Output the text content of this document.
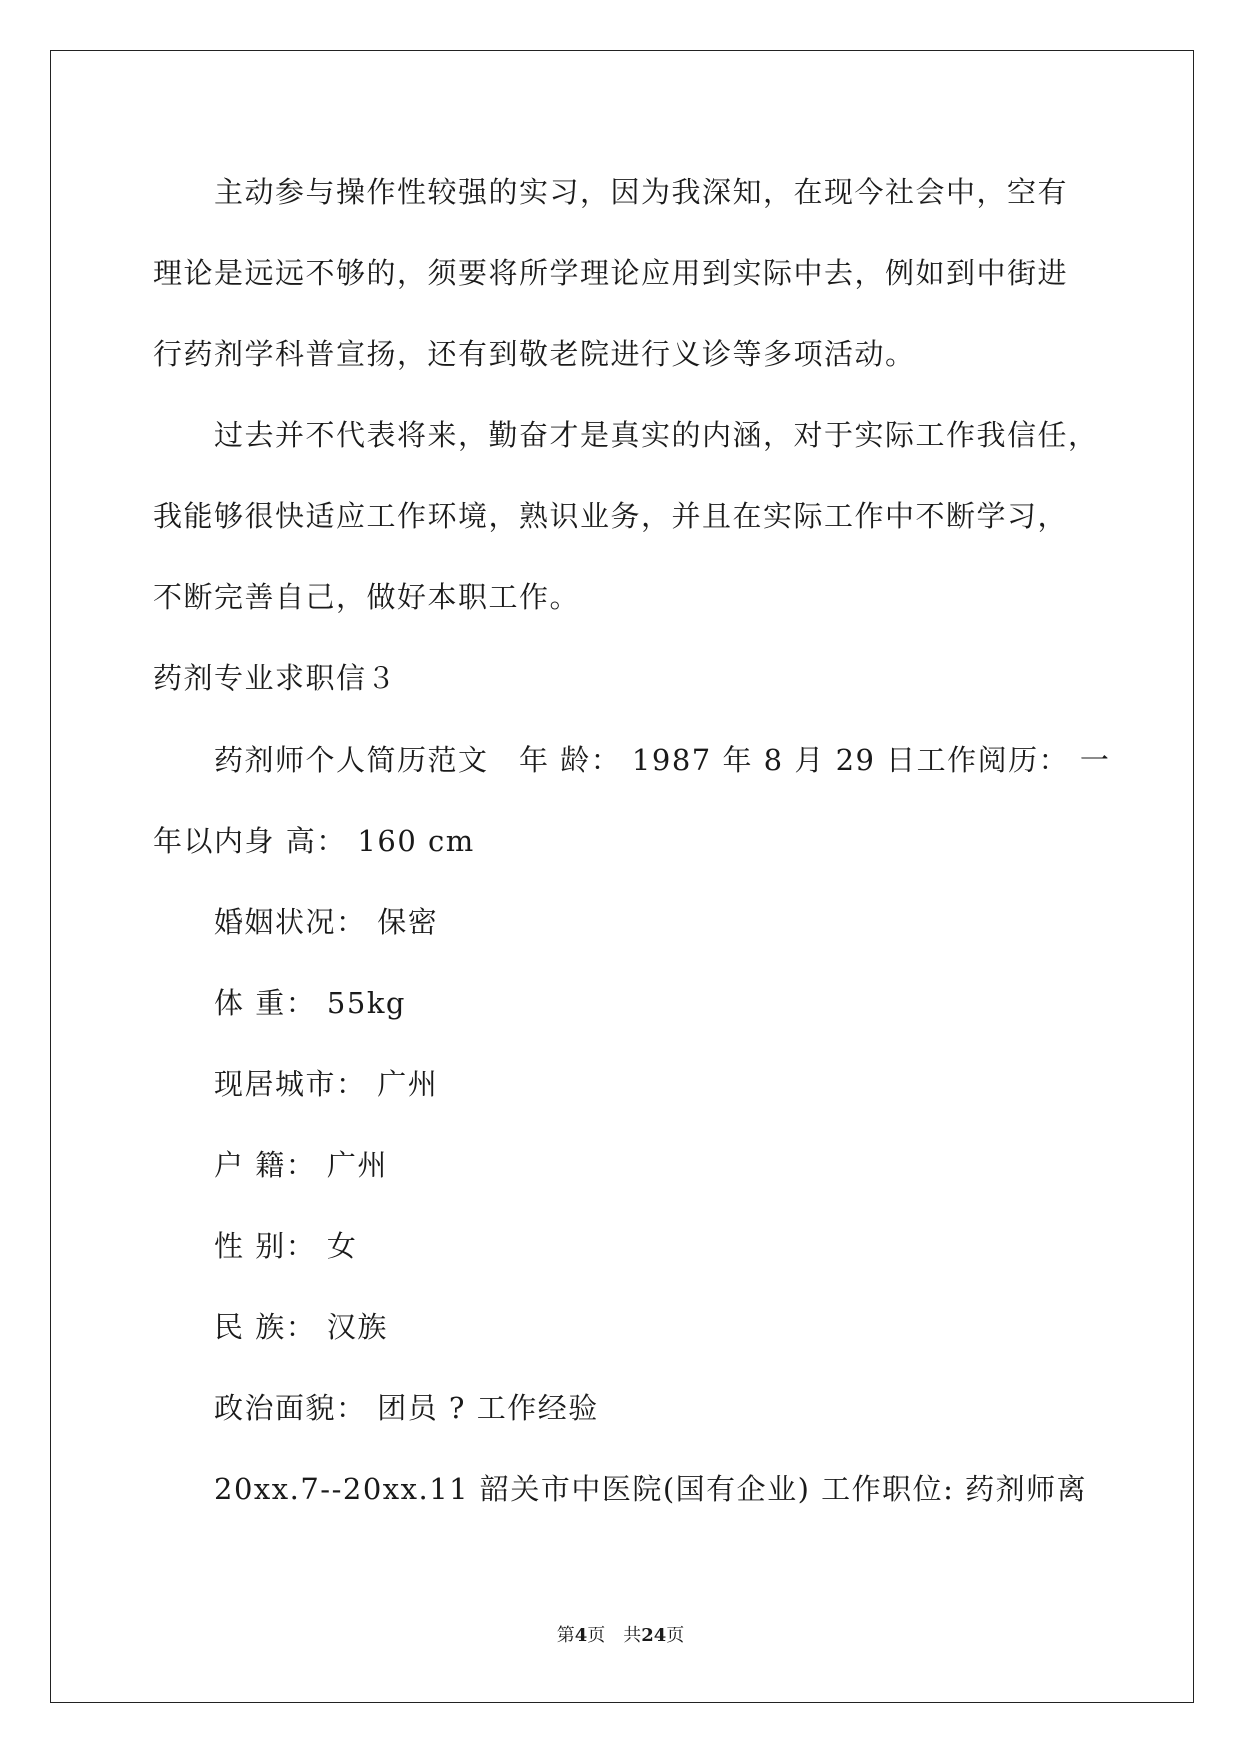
主动参与操作性较强的实习，因为我深知，在现今社会中，空有
理论是远远不够的，须要将所学理论应用到实际中去，例如到中街进
行药剂学科普宣扬，还有到敬老院进行义诊等多项活动。
过去并不代表将来，勤奋才是真实的内涵，对于实际工作我信任，
我能够很快适应工作环境，熟识业务，并且在实际工作中不断学习，
不断完善自己，做好本职工作。
药剂专业求职信３
药剂师个人简历范文　年 龄： 1987 年 8 月 29 日工作阅历： 一
年以内身 高： 160 cm
婚姻状况： 保密
体 重： 55kg
现居城市： 广州
户 籍： 广州
性 别： 女
民 族： 汉族
政治面貌： 团员 ? 工作经验
20xx.7--20xx.11 韶关市中医院(国有企业) 工作职位: 药剂师离
第4页　共24页
